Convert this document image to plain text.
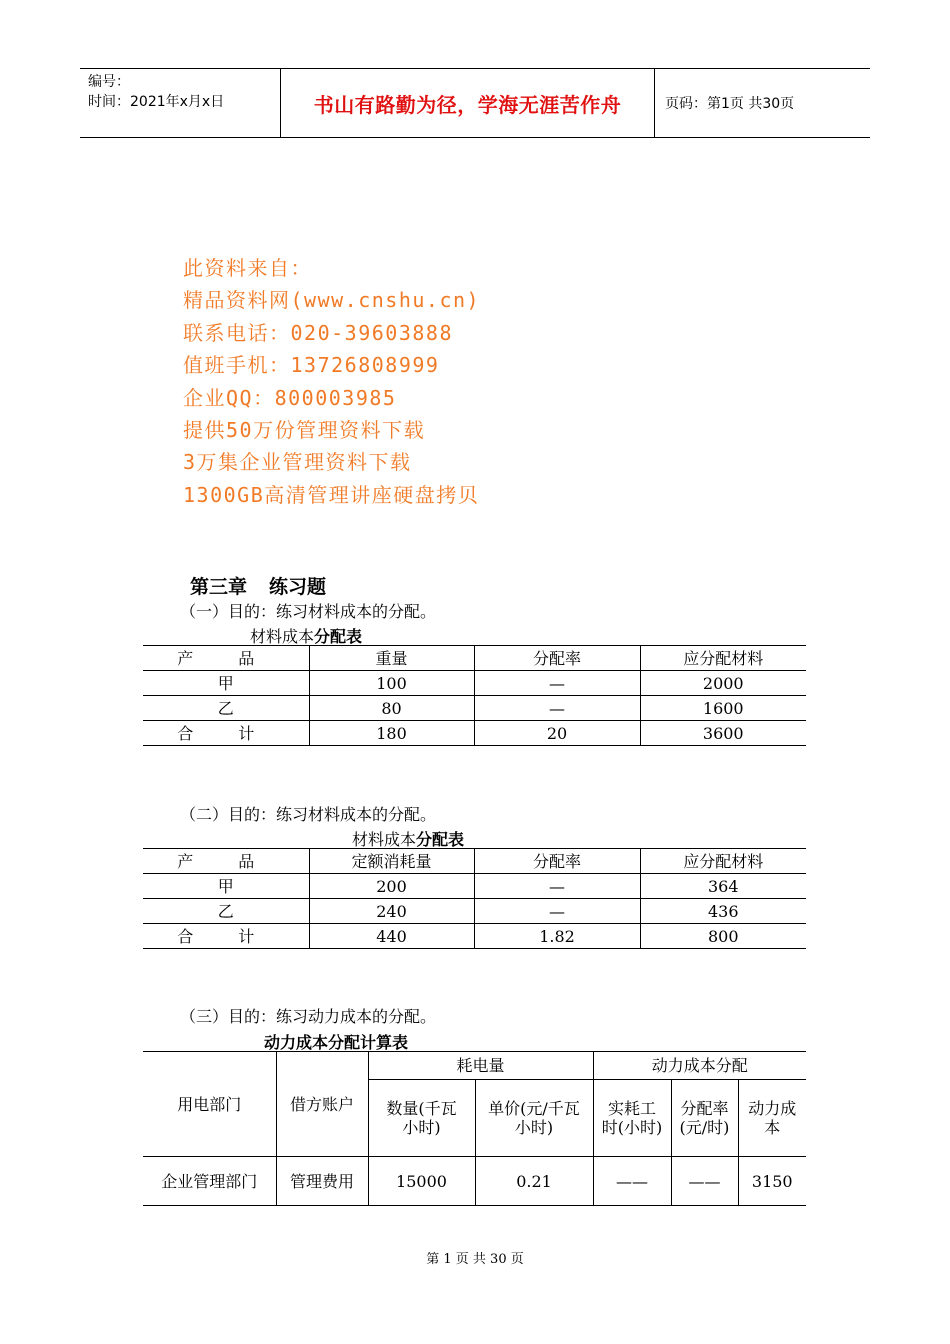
编号：
时间：2021年x月x日	书山有路勤为径，学海无涯苦作舟	页码：第1页 共30页
此资料来自：
精品资料网(www.cnshu.cn)
联系电话：020-39603888
值班手机：13726808999
企业QQ：800003985
提供50万份管理资料下载
3万集企业管理资料下载
1300GB高清管理讲座硬盘拷贝
第三章 练习题
（一）目的：练习材料成本的分配。
材料成本分配表
产 品	重量	分配率	应分配材料
甲	100	—	2000
乙	80	—	1600
合 计	180	20	3600
（二）目的：练习材料成本的分配。
材料成本分配表
产 品	定额消耗量	分配率	应分配材料
甲	200	—	364
乙	240	—	436
合 计	440	1.82	800
（三）目的：练习动力成本的分配。
动力成本分配计算表
用电部门	借方账户	耗电量		动力成本分配		
		数量(千瓦小时)	单价(元/千瓦小时)	实耗工时(小时)	分配率(元/时)	动力成本
企业管理部门	管理费用	15000	0.21	——	——	3150
第 1 页 共 30 页
